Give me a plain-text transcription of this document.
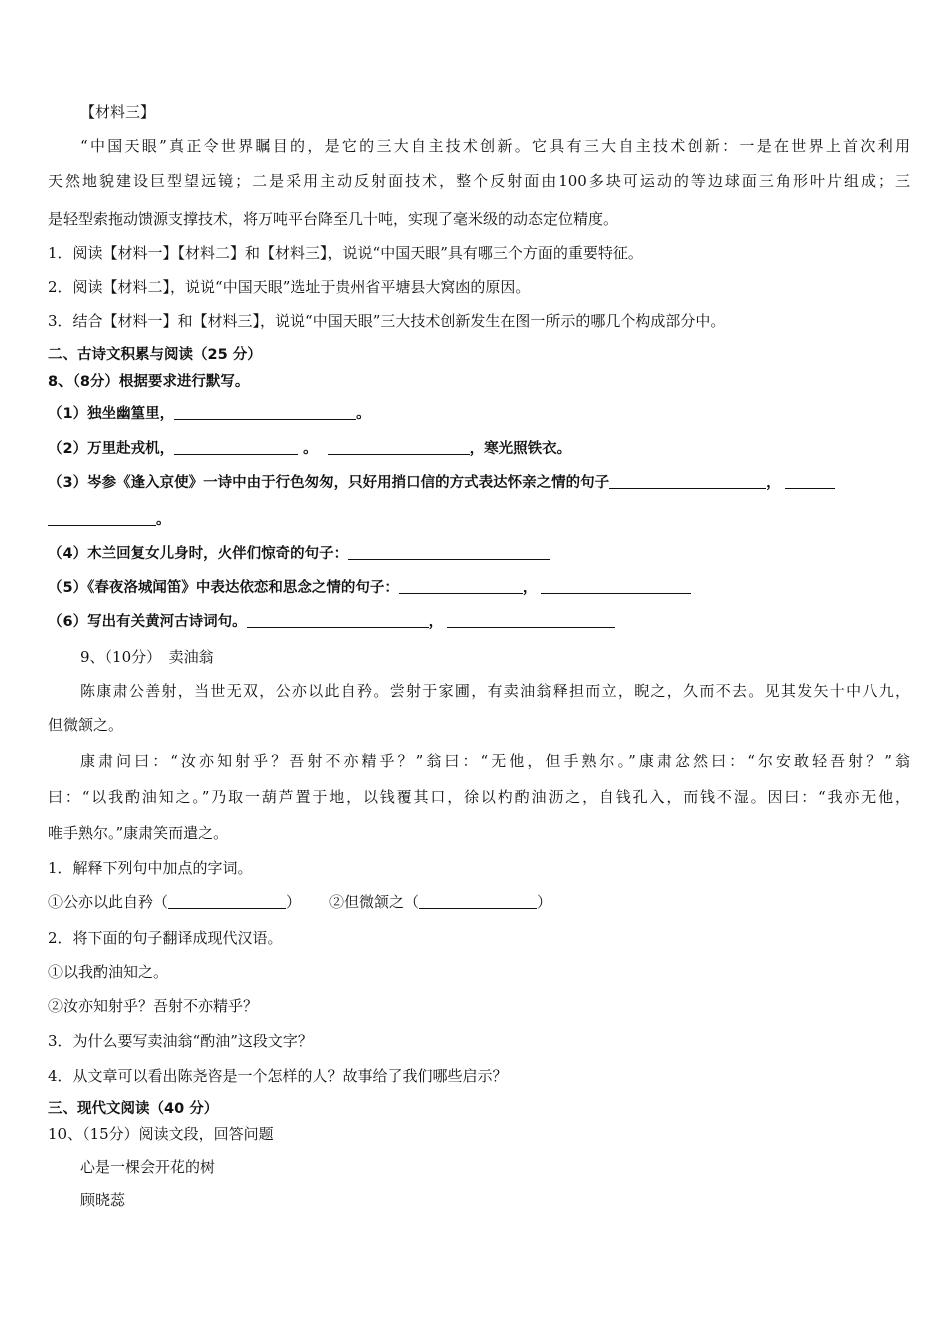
【材料三】
“中国天眼”真正令世界瞩目的，是它的三大自主技术创新。它具有三大自主技术创新：一是在世界上首次利用
天然地貌建设巨型望远镜；二是采用主动反射面技术，整个反射面由100多块可运动的等边球面三角形叶片组成；三
是轻型索拖动馈源支撑技术，将万吨平台降至几十吨，实现了毫米级的动态定位精度。
1．阅读【材料一】【材料二】和【材料三】，说说“中国天眼”具有哪三个方面的重要特征。
2．阅读【材料二】，说说“中国天眼”选址于贵州省平塘县大窝凼的原因。
3．结合【材料一】和【材料三】，说说“中国天眼”三大技术创新发生在图一所示的哪几个构成部分中。
二、古诗文积累与阅读（25 分）
8、（8分）根据要求进行默写。
（1）独坐幽篁里，	。
（2）万里赴戎机，	。	，寒光照铁衣。
（3）岑参《逢入京使》一诗中由于行色匆匆，只好用捎口信的方式表达怀亲之情的句子	，
。
（4）木兰回复女儿身时，火伴们惊奇的句子：
（5）《春夜洛城闻笛》中表达依恋和思念之情的句子：	，
（6）写出有关黄河古诗词句。	，
9、（10分）　卖油翁
陈康肃公善射，当世无双，公亦以此自矜。尝射于家圃，有卖油翁释担而立，睨之，久而不去。见其发矢十中八九，
但微颔之。
康肃问曰：“汝亦知射乎？吾射不亦精乎？”翁曰：“无他，但手熟尔。”康肃忿然曰：“尔安敢轻吾射？”翁
曰：“以我酌油知之。”乃取一葫芦置于地，以钱覆其口，徐以杓酌油沥之，自钱孔入，而钱不湿。因曰：“我亦无他，
唯手熟尔。”康肃笑而遣之。
1．解释下列句中加点的字词。
①公亦以此自矜（	） ②但微颔之（	）
2．将下面的句子翻译成现代汉语。
①以我酌油知之。
②汝亦知射乎？吾射不亦精乎？
3．为什么要写卖油翁“酌油”这段文字？
4．从文章可以看出陈尧咨是一个怎样的人？故事给了我们哪些启示？
三、现代文阅读（40 分）
10、（15分）阅读文段，回答问题
心是一棵会开花的树
顾晓蕊
